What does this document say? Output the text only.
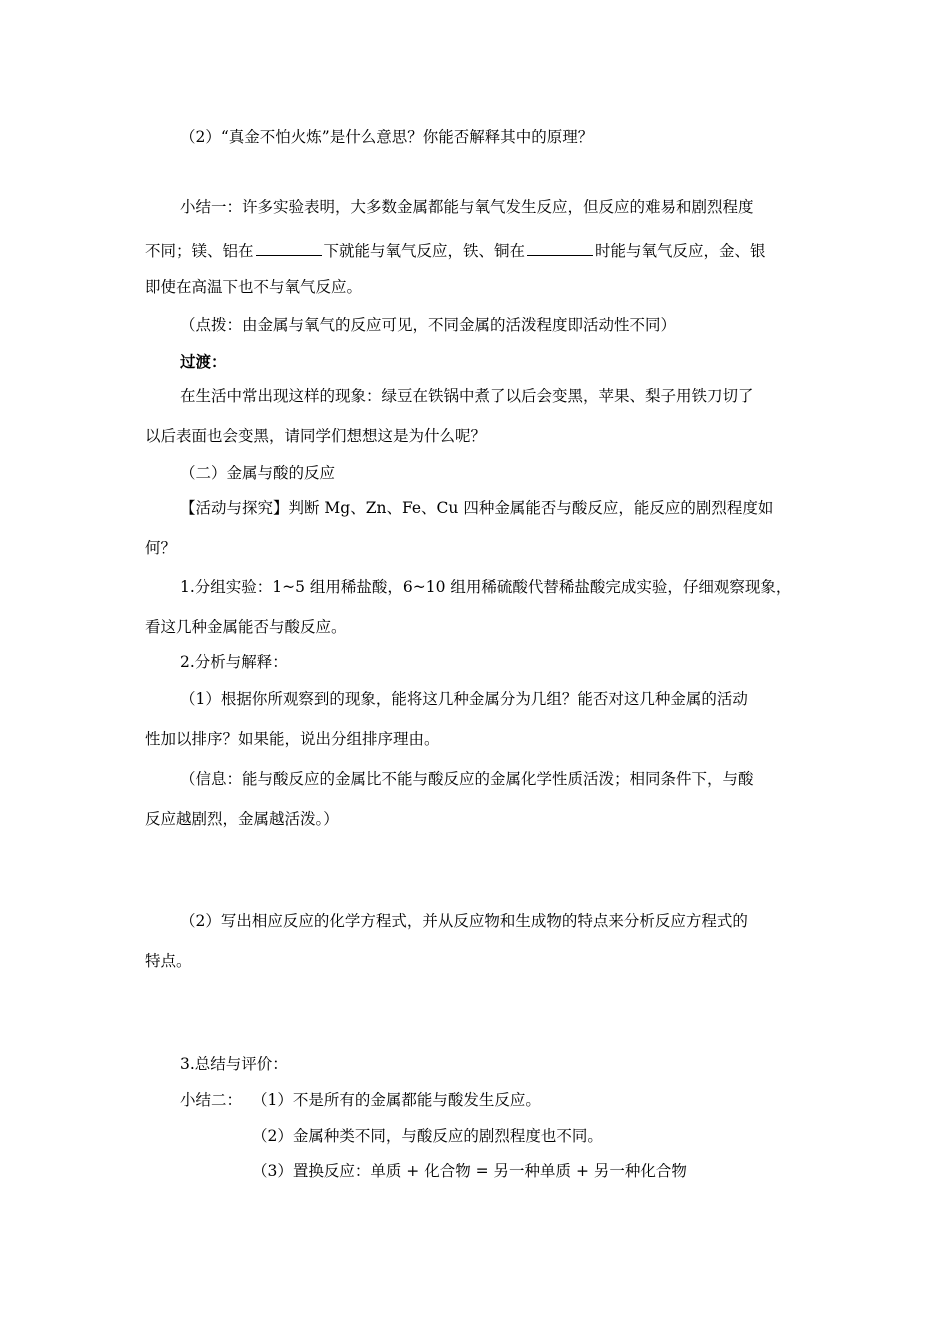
（2）“真金不怕火炼”是什么意思？你能否解释其中的原理？
小结一：许多实验表明，大多数金属都能与氧气发生反应，但反应的难易和剧烈程度
不同；镁、铝在	下就能与氧气反应，铁、铜在	时能与氧气反应，金、银
即使在高温下也不与氧气反应。
（点拨：由金属与氧气的反应可见，不同金属的活泼程度即活动性不同）
过渡：
在生活中常出现这样的现象：绿豆在铁锅中煮了以后会变黑，苹果、梨子用铁刀切了
以后表面也会变黑，请同学们想想这是为什么呢？
（二）金属与酸的反应
【活动与探究】判断 Mg、Zn、Fe、Cu 四种金属能否与酸反应，能反应的剧烈程度如
何？
1.分组实验：1~5 组用稀盐酸，6~10 组用稀硫酸代替稀盐酸完成实验，仔细观察现象，
看这几种金属能否与酸反应。
2.分析与解释：
（1）根据你所观察到的现象，能将这几种金属分为几组？能否对这几种金属的活动
性加以排序？如果能，说出分组排序理由。
（信息：能与酸反应的金属比不能与酸反应的金属化学性质活泼；相同条件下，与酸
反应越剧烈，金属越活泼。）
（2）写出相应反应的化学方程式，并从反应物和生成物的特点来分析反应方程式的
特点。
3.总结与评价：
小结二： （1）不是所有的金属都能与酸发生反应。
（2）金属种类不同，与酸反应的剧烈程度也不同。
（3）置换反应：单质 + 化合物 = 另一种单质 + 另一种化合物
